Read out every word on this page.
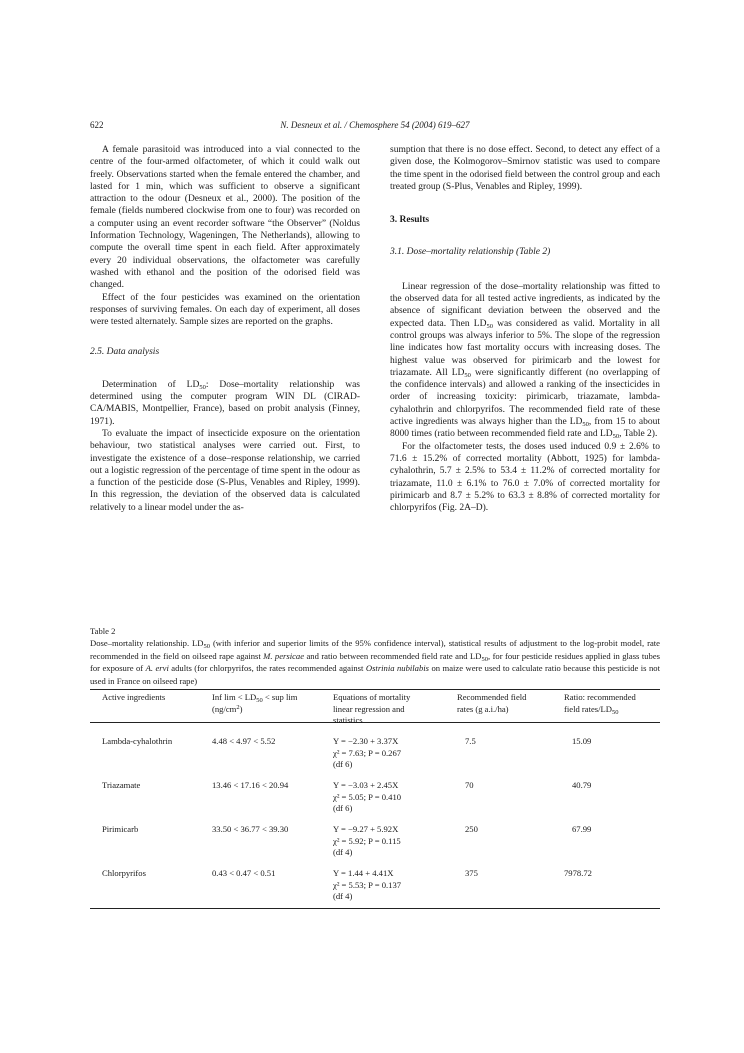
622	N. Desneux et al. / Chemosphere 54 (2004) 619–627

A female parasitoid was introduced into a vial connected to the centre of the four-armed olfactometer, of which it could walk out freely. Observations started when the female entered the chamber, and lasted for 1 min, which was sufficient to observe a significant attraction to the odour (Desneux et al., 2000). The position of the female (fields numbered clockwise from one to four) was recorded on a computer using an event recorder software “the Observer” (Noldus Information Technology, Wageningen, The Netherlands), allowing to compute the overall time spent in each field. After approximately every 20 individual observations, the olfactometer was carefully washed with ethanol and the position of the odorised field was changed.

Effect of the four pesticides was examined on the orientation responses of surviving females. On each day of experiment, all doses were tested alternately. Sample sizes are reported on the graphs.

2.5. Data analysis

Determination of $LD_{50}$: Dose–mortality relationship was determined using the computer program WIN DL (CIRAD-CA/MABIS, Montpellier, France), based on probit analysis (Finney, 1971).

To evaluate the impact of insecticide exposure on the orientation behaviour, two statistical analyses were carried out. First, to investigate the existence of a dose–response relationship, we carried out a logistic regression of the percentage of time spent in the odour as a function of the pesticide dose (S-Plus, Venables and Ripley, 1999). In this regression, the deviation of the observed data is calculated relatively to a linear model under the as-

sumption that there is no dose effect. Second, to detect any effect of a given dose, the Kolmogorov–Smirnov statistic was used to compare the time spent in the odorised field between the control group and each treated group (S-Plus, Venables and Ripley, 1999).

3. Results
3.1. Dose–mortality relationship (Table 2)

Linear regression of the dose–mortality relationship was fitted to the observed data for all tested active ingredients, as indicated by the absence of significant deviation between the observed and the expected data. Then $LD_{50}$ was considered as valid. Mortality in all control groups was always inferior to 5%. The slope of the regression line indicates how fast mortality occurs with increasing doses. The highest value was observed for pirimicarb and the lowest for triazamate. All $LD_{50}$ were significantly different (no overlapping of the confidence intervals) and allowed a ranking of the insecticides in order of increasing toxicity: pirimicarb, triazamate, lambda-cyhalothrin and chlorpyrifos. The recommended field rate of these active ingredients was always higher than the $LD_{50}$, from 15 to about 8000 times (ratio between recommended field rate and $LD_{50}$, Table 2).

For the olfactometer tests, the doses used induced 0.9 ± 2.6% to 71.6 ± 15.2% of corrected mortality (Abbott, 1925) for lambda-cyhalothrin, 5.7 ± 2.5% to 53.4 ± 11.2% of corrected mortality for triazamate, 11.0 ± 6.1% to 76.0 ± 7.0% of corrected mortality for pirimicarb and 8.7 ± 5.2% to 63.3 ± 8.8% of corrected mortality for chlorpyrifos (Fig. 2A–D).

Table 2
Dose–mortality relationship. $LD_{50}$ (with inferior and superior limits of the 95% confidence interval), statistical results of adjustment to the log-probit model, rate recommended in the field on oilseed rape against M. persicae and ratio between recommended field rate and $LD_{50}$, for four pesticide residues applied in glass tubes for exposure of A. ervi adults (for chlorpyrifos, the rates recommended against Ostrinia nubilabis on maize were used to calculate ratio because this pesticide is not used in France on oilseed rape)
Active ingredients	Inf $\lim < LD_{50}$ < sup lim
$(ng/cm^2)$
Equations of mortality
linear regression and
statistics
Recommended field
rates (g a.i./ha)
Ratio: recommended
field rates/$LD_{50}$
Lambda-cyhalothrin	4.48 < 4.97 < 5.52	Y = −2.30 + 3.37X
χ² = 7.63; P = 0.267
(df 6)
7.5	15.09
Triazamate	13.46 < 17.16 < 20.94	Y = −3.03 + 2.45X
χ² = 5.05; P = 0.410
(df 6)
70	40.79
Pirimicarb	33.50 < 36.77 < 39.30	Y = −9.27 + 5.92X
χ² = 5.92; P = 0.115
(df 4)
250	67.99
Chlorpyrifos	0.43 < 0.47 < 0.51	Y = 1.44 + 4.41X
χ² = 5.53; P = 0.137
(df 4)
375	7978.72
